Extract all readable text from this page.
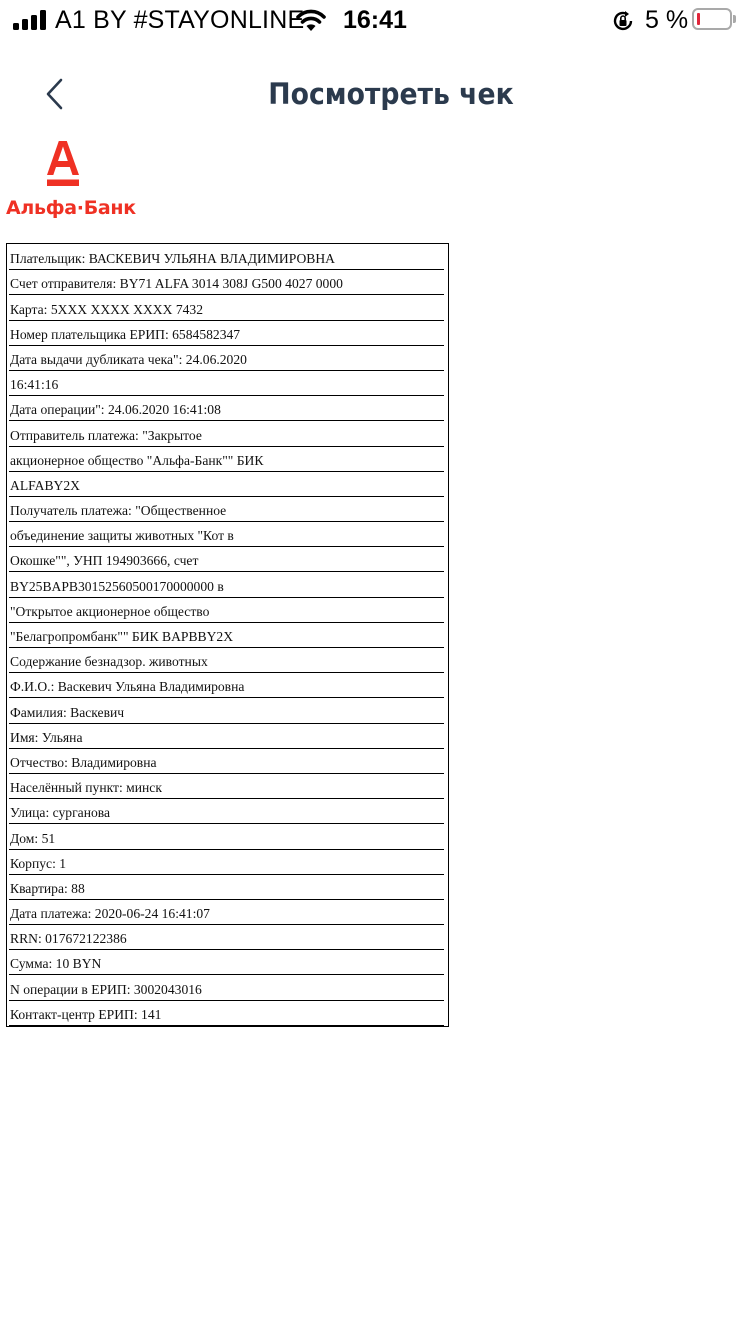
A1 BY #STAYONLINE 16:41	5 %
Посмотреть чек
Альфа·Банк
Плательщик: ВАСКЕВИЧ УЛЬЯНА ВЛАДИМИРОВНА
Счет отправителя: BY71 ALFA 3014 308J G500 4027 0000
Карта: 5XXX XXXX XXXX 7432
Номер плательщика ЕРИП: 6584582347
Дата выдачи дубликата чека": 24.06.2020
16:41:16
Дата операции": 24.06.2020 16:41:08
Отправитель платежа: "Закрытое
акционерное общество "Альфа-Банк"" БИК
ALFABY2X
Получатель платежа: "Общественное
объединение защиты животных "Кот в
Окошке"", УНП 194903666, счет
BY25BAPB30152560500170000000 в
"Открытое акционерное общество
"Белагропромбанк"" БИК BAPBBY2X
Содержание безнадзор. животных
Ф.И.О.: Васкевич Ульяна Владимировна
Фамилия: Васкевич
Имя: Ульяна
Отчество: Владимировна
Населённый пункт: минск
Улица: сурганова
Дом: 51
Корпус: 1
Квартира: 88
Дата платежа: 2020-06-24 16:41:07
RRN: 017672122386
Сумма: 10 BYN
N операции в ЕРИП: 3002043016
Контакт-центр ЕРИП: 141
